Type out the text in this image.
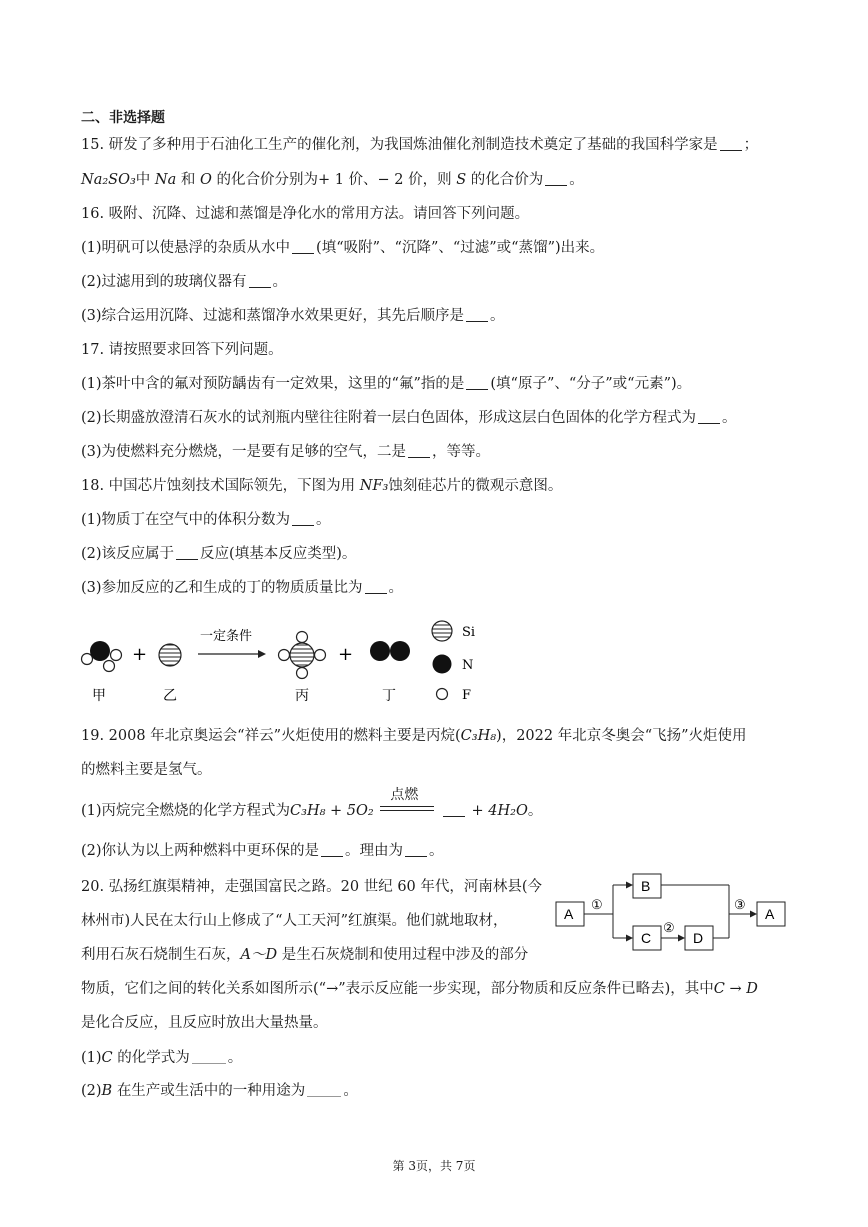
二、非选择题
15. 研发了多种用于石油化工生产的催化剂，为我国炼油催化剂制造技术奠定了基础的我国科学家是 ；
Na₂SO₃中 Na 和 O 的化合价分别为+ 1 价、− 2 价，则 S 的化合价为 。
16. 吸附、沉降、过滤和蒸馏是净化水的常用方法。请回答下列问题。
(1)明矾可以使悬浮的杂质从水中 (填“吸附”、“沉降”、“过滤”或“蒸馏”)出来。
(2)过滤用到的玻璃仪器有 。
(3)综合运用沉降、过滤和蒸馏净水效果更好，其先后顺序是 。
17. 请按照要求回答下列问题。
(1)茶叶中含的氟对预防龋齿有一定效果，这里的“氟”指的是 (填“原子”、“分子”或“元素”)。
(2)长期盛放澄清石灰水的试剂瓶内壁往往附着一层白色固体，形成这层白色固体的化学方程式为 。
(3)为使燃料充分燃烧，一是要有足够的空气，二是 ，等等。
18. 中国芯片蚀刻技术国际领先，下图为用 NF₃蚀刻硅芯片的微观示意图。
(1)物质丁在空气中的体积分数为 。
(2)该反应属于 反应(填基本反应类型)。
(3)参加反应的乙和生成的丁的物质质量比为 。
+
一定条件
+
Si
N
F
甲	乙	丙	丁
19. 2008 年北京奥运会“祥云”火炬使用的燃料主要是丙烷(C₃H₈)，2022 年北京冬奥会“飞扬”火炬使用
的燃料主要是氢气。
(1)丙烷完全燃烧的化学方程式为C₃H₈ + 5O₂
点燃
+ 4H₂O。
(2)你认为以上两种燃料中更环保的是 。理由为 。
20. 弘扬红旗渠精神，走强国富民之路。20 世纪 60 年代，河南林县(今
林州市)人民在太行山上修成了“人工天河”红旗渠。他们就地取材，
利用石灰石烧制生石灰，A～D 是生石灰烧制和使用过程中涉及的部分
物质，它们之间的转化关系如图所示(“→”表示反应能一步实现，部分物质和反应条件已略去)，其中C → D
是化合反应，且反应时放出大量热量。
(1)C 的化学式为	。
(2)B 在生产或生活中的一种用途为	。
A
①
B
C
②
D
③
A
第 3页，共 7页
